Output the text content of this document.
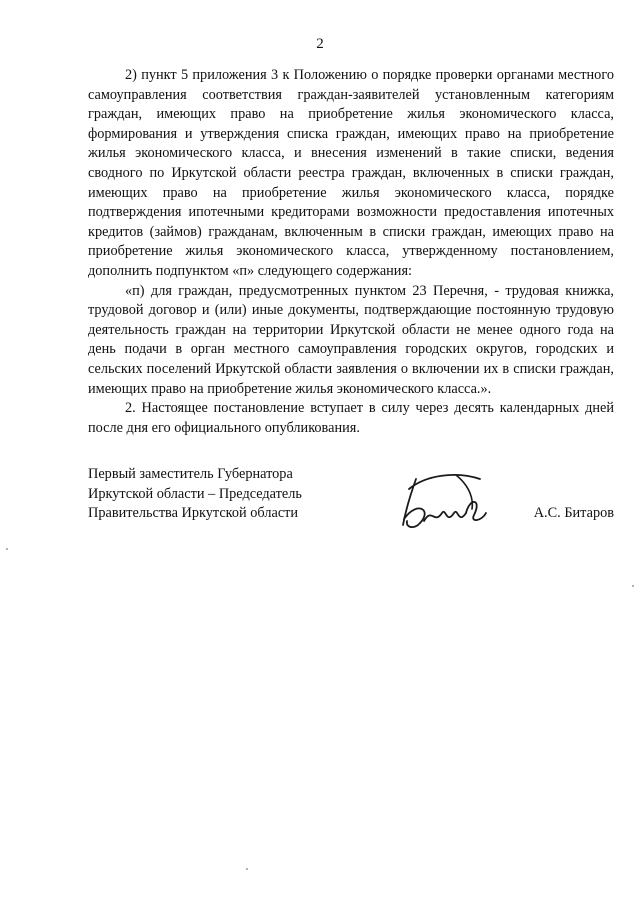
2

2) пункт 5 приложения 3 к Положению о порядке проверки органами местного самоуправления соответствия граждан-заявителей установленным категориям граждан, имеющих право на приобретение жилья экономического класса, формирования и утверждения списка граждан, имеющих право на приобретение жилья экономического класса, и внесения изменений в такие списки, ведения сводного по Иркутской области реестра граждан, включенных в списки граждан, имеющих право на приобретение жилья экономического класса, порядке подтверждения ипотечными кредиторами возможности предоставления ипотечных кредитов (займов) гражданам, включенным в списки граждан, имеющих право на приобретение жилья экономического класса, утвержденному постановлением, дополнить подпунктом «п» следующего содержания:

«п) для граждан, предусмотренных пунктом 23 Перечня, - трудовая книжка, трудовой договор и (или) иные документы, подтверждающие постоянную трудовую деятельность граждан на территории Иркутской области не менее одного года на день подачи в орган местного самоуправления городских округов, городских и сельских поселений Иркутской области заявления о включении их в списки граждан, имеющих право на приобретение жилья экономического класса.».

2. Настоящее постановление вступает в силу через десять календарных дней после дня его официального опубликования.

Первый заместитель Губернатора
Иркутской области – Председатель
Правительства Иркутской области	А.С. Битаров
